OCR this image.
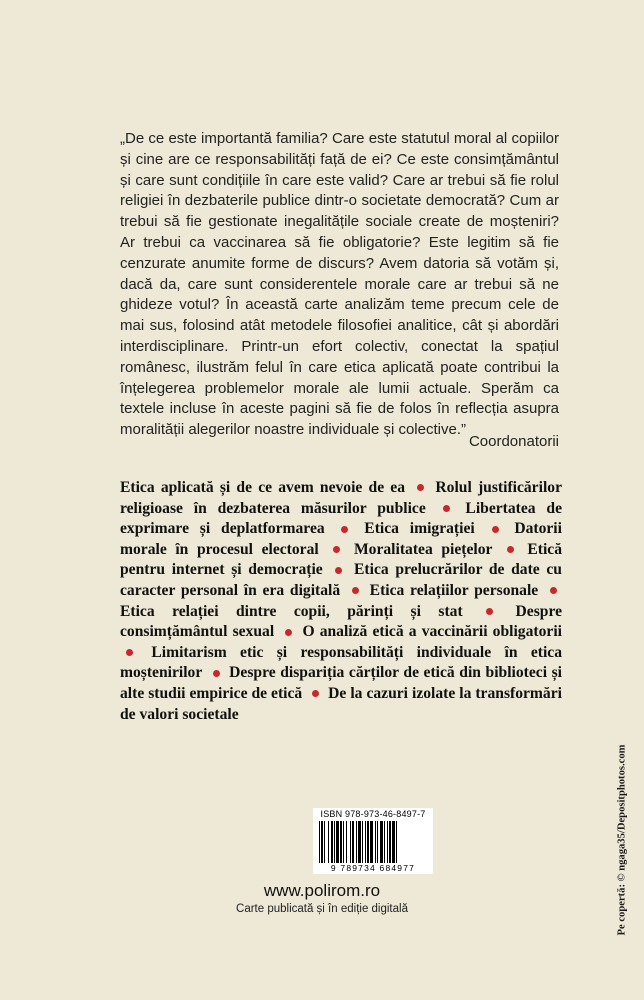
„De ce este importantă familia? Care este statutul moral al copiilor și cine are ce responsabilități față de ei? Ce este consimțământul și care sunt condițiile în care este valid? Care ar trebui să fie rolul religiei în dezbaterile publice dintr-o societate democrată? Cum ar trebui să fie gestionate inegalitățile sociale create de moșteniri? Ar trebui ca vaccinarea să fie obligatorie? Este legitim să fie cenzurate anumite forme de discurs? Avem datoria să votăm și, dacă da, care sunt considerentele morale care ar trebui să ne ghideze votul? În această carte analizăm teme precum cele de mai sus, folosind atât metodele filosofiei analitice, cât și abordări interdisciplinare. Printr-un efort colectiv, conectat la spațiul românesc, ilustrăm felul în care etica aplicată poate contribui la înțelegerea problemelor morale ale lumii actuale. Sperăm ca textele incluse în aceste pagini să fie de folos în reflecția asupra moralității alegerilor noastre individuale și colective.”

Coordonatorii

Etica aplicată și de ce avem nevoie de ea Rolul justificărilor religioase în dezbaterea măsurilor publice	Libertatea de exprimare și deplatformarea	Etica imigrației	Datorii morale în procesul electoral Moralitatea piețelor Etică pentru internet și democrație Etica prelucrărilor de date cu caracter personal în era digitală Etica relațiilor personale  Etica relației dintre copii, părinți și stat	Despre consimțământul sexual O analiză etică a vaccinării obligatorii  Limitarism etic și responsabilități individuale în etica moștenirilor Despre dispariția cărților de etică din biblioteci și alte studii empirice de etică De la cazuri izolate la transformări de valori societale

Pe copertă: © ngaga35/Depositphotos.com
ISBN 978-973-46-8497-7
9 789734 684977
www.polirom.ro
Carte publicată și în ediție digitală
